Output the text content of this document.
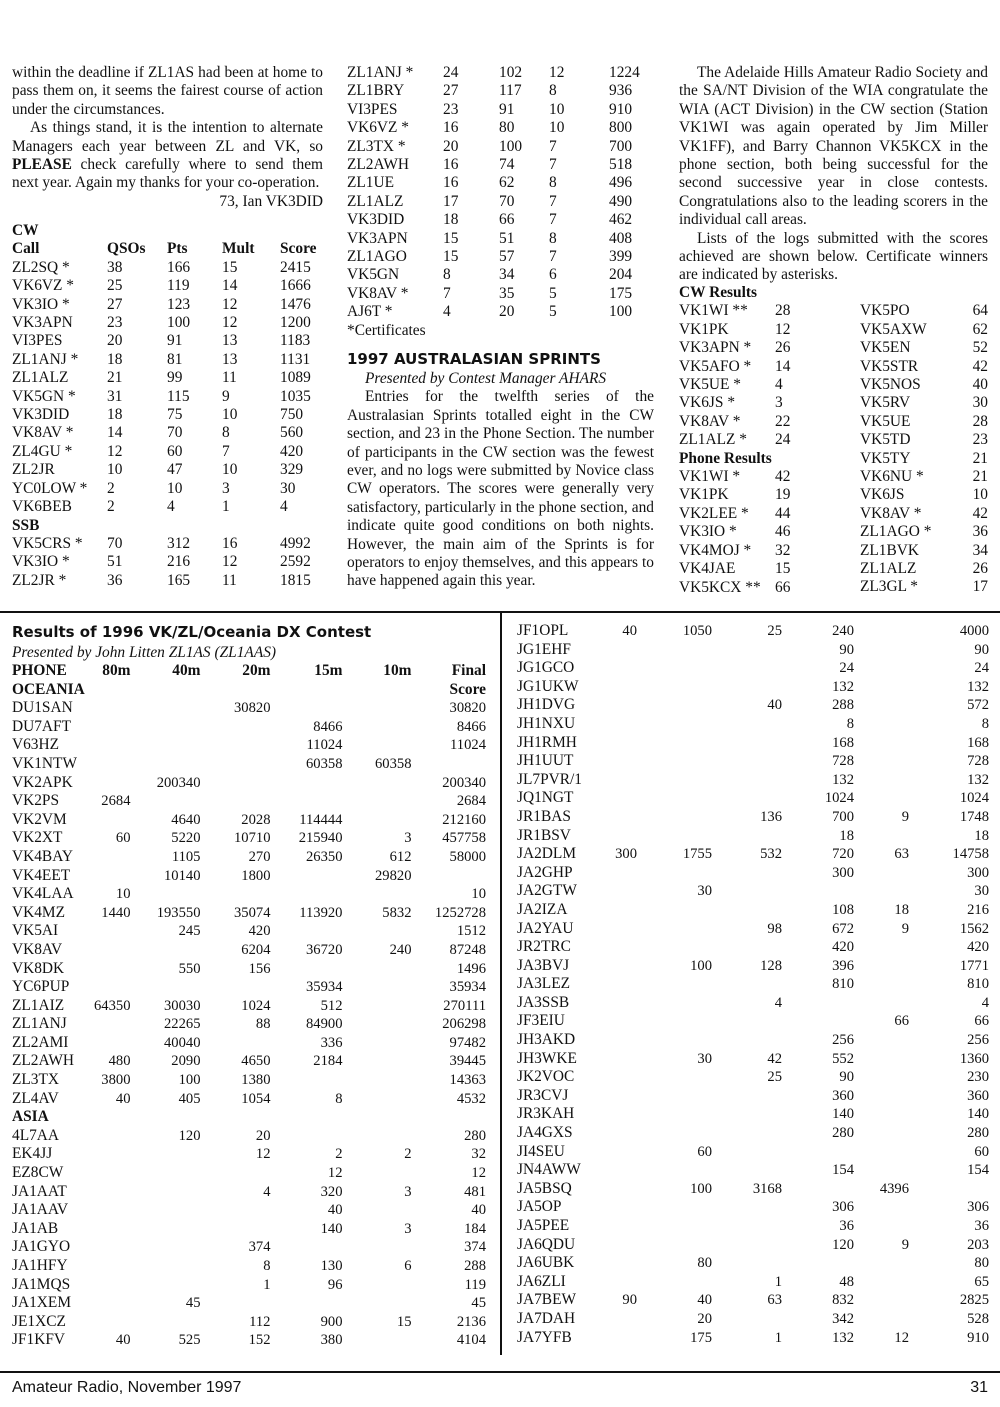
within the deadline if ZL1AS had been at home to pass them on, it seems the fairest course of action under the circumstances.

As things stand, it is the intention to alternate Managers each year between ZL and VK, so PLEASE check carefully where to send them next year. Again my thanks for your co-operation.

73, Ian VK3DID

CW				
Call	QSOs	Pts	Mult	Score
ZL2SQ *	38	166	15	2415
VK6VZ *	25	119	14	1666
VK3IO *	27	123	12	1476
VK3APN	23	100	12	1200
VI3PES	20	91	13	1183
ZL1ANJ *	18	81	13	1131
ZL1ALZ	21	99	11	1089
VK5GN *	31	115	9	1035
VK3DID	18	75	10	750
VK8AV *	14	70	8	560
ZL4GU *	12	60	7	420
ZL2JR	10	47	10	329
YC0LOW *	2	10	3	30
VK6BEB	2	4	1	4
SSB				
VK5CRS *	70	312	16	4992
VK3IO *	51	216	12	2592
ZL2JR *	36	165	11	1815
ZL1ANJ *	24	102	12	1224
ZL1BRY	27	117	8	936
VI3PES	23	91	10	910
VK6VZ *	16	80	10	800
ZL3TX *	20	100	7	700
ZL2AWH	16	74	7	518
ZL1UE	16	62	8	496
ZL1ALZ	17	70	7	490
VK3DID	18	66	7	462
VK3APN	15	51	8	408
ZL1AGO	15	57	7	399
VK5GN	8	34	6	204
VK8AV *	7	35	5	175
AJ6T *	4	20	5	100
*Certificates
1997 AUSTRALASIAN SPRINTS

Presented by Contest Manager AHARS

Entries for the twelfth series of the Australasian Sprints totalled eight in the CW section, and 23 in the Phone Section. The number of participants in the CW section was the fewest ever, and no logs were submitted by Novice class CW operators. The scores were generally very satisfactory, particularly in the phone section, and indicate quite good conditions on both nights. However, the main aim of the Sprints is for operators to enjoy themselves, and this appears to have happened again this year.

The Adelaide Hills Amateur Radio Society and the SA/NT Division of the WIA congratulate the WIA (ACT Division) in the CW section (Station VK1WI was again operated by Jim Miller VK1FF), and Barry Channon VK5KCX in the phone section, both being successful for the second successive year in close contests. Congratulations also to the leading scorers in the individual call areas.

Lists of the logs submitted with the scores achieved are shown below. Certificate winners are indicated by asterisks.

CW Results	
VK1WI **	28
VK1PK	12
VK3APN *	26
VK5AFO *	14
VK5UE *	4
VK6JS *	3
VK8AV *	22
ZL1ALZ *	24
Phone Results	
VK1WI *	42
VK1PK	19
VK2LEE *	44
VK3IO *	46
VK4MOJ *	32
VK4JAE	15
VK5KCX **	66
VK5PO	64
VK5AXW	62
VK5EN	52
VK5STR	42
VK5NOS	40
VK5RV	30
VK5UE	28
VK5TD	23
VK5TY	21
VK6NU *	21
VK6JS	10
VK8AV *	42
ZL1AGO *	36
ZL1BVK	34
ZL1ALZ	26
ZL3GL *	17
Results of 1996 VK/ZL/Oceania DX Contest
Presented by John Litten ZL1AS (ZL1AAS)
PHONE	80m	40m	20m	15m	10m	Final
OCEANIA						Score
DU1SAN			30820			30820
DU7AFT				8466		8466
V63HZ				11024		11024
VK1NTW				60358	60358	
VK2APK		200340				200340
VK2PS	2684					2684
VK2VM		4640	2028	114444		212160
VK2XT	60	5220	10710	215940	3	457758
VK4BAY		1105	270	26350	612	58000
VK4EET		10140	1800		29820	
VK4LAA	10					10
VK4MZ	1440	193550	35074	113920	5832	1252728
VK5AI		245	420			1512
VK8AV			6204	36720	240	87248
VK8DK		550	156			1496
YC6PUP				35934		35934
ZL1AIZ	64350	30030	1024	512		270111
ZL1ANJ		22265	88	84900		206298
ZL2AMI		40040		336		97482
ZL2AWH	480	2090	4650	2184		39445
ZL3TX	3800	100	1380			14363
ZL4AV	40	405	1054	8		4532
ASIA						
4L7AA		120	20			280
EK4JJ			12	2	2	32
EZ8CW				12		12
JA1AAT			4	320	3	481
JA1AAV				40		40
JA1AB				140	3	184
JA1GYO			374			374
JA1HFY			8	130	6	288
JA1MQS			1	96		119
JA1XEM		45				45
JE1XCZ			112	900	15	2136
JF1KFV	40	525	152	380		4104
JF1OPL	40	1050	25	240		4000
JG1EHF				90		90
JG1GCO				24		24
JG1UKW				132		132
JH1DVG			40	288		572
JH1NXU				8		8
JH1RMH				168		168
JH1UUT				728		728
JL7PVR/1				132		132
JQ1NGT				1024		1024
JR1BAS			136	700	9	1748
JR1BSV				18		18
JA2DLM	300	1755	532	720	63	14758
JA2GHP				300		300
JA2GTW		30				30
JA2IZA				108	18	216
JA2YAU			98	672	9	1562
JR2TRC				420		420
JA3BVJ		100	128	396		1771
JA3LEZ				810		810
JA3SSB			4			4
JF3EIU					66	66
JH3AKD				256		256
JH3WKE		30	42	552		1360
JK2VOC			25	90		230
JR3CVJ				360		360
JR3KAH				140		140
JA4GXS				280		280
JI4SEU		60				60
JN4AWW				154		154
JA5BSQ		100	3168		4396	
JA5OP				306		306
JA5PEE				36		36
JA6QDU				120	9	203
JA6UBK		80				80
JA6ZLI			1	48		65
JA7BEW	90	40	63	832		2825
JA7DAH		20		342		528
JA7YFB		175	1	132	12	910
Amateur Radio, November 1997	31
